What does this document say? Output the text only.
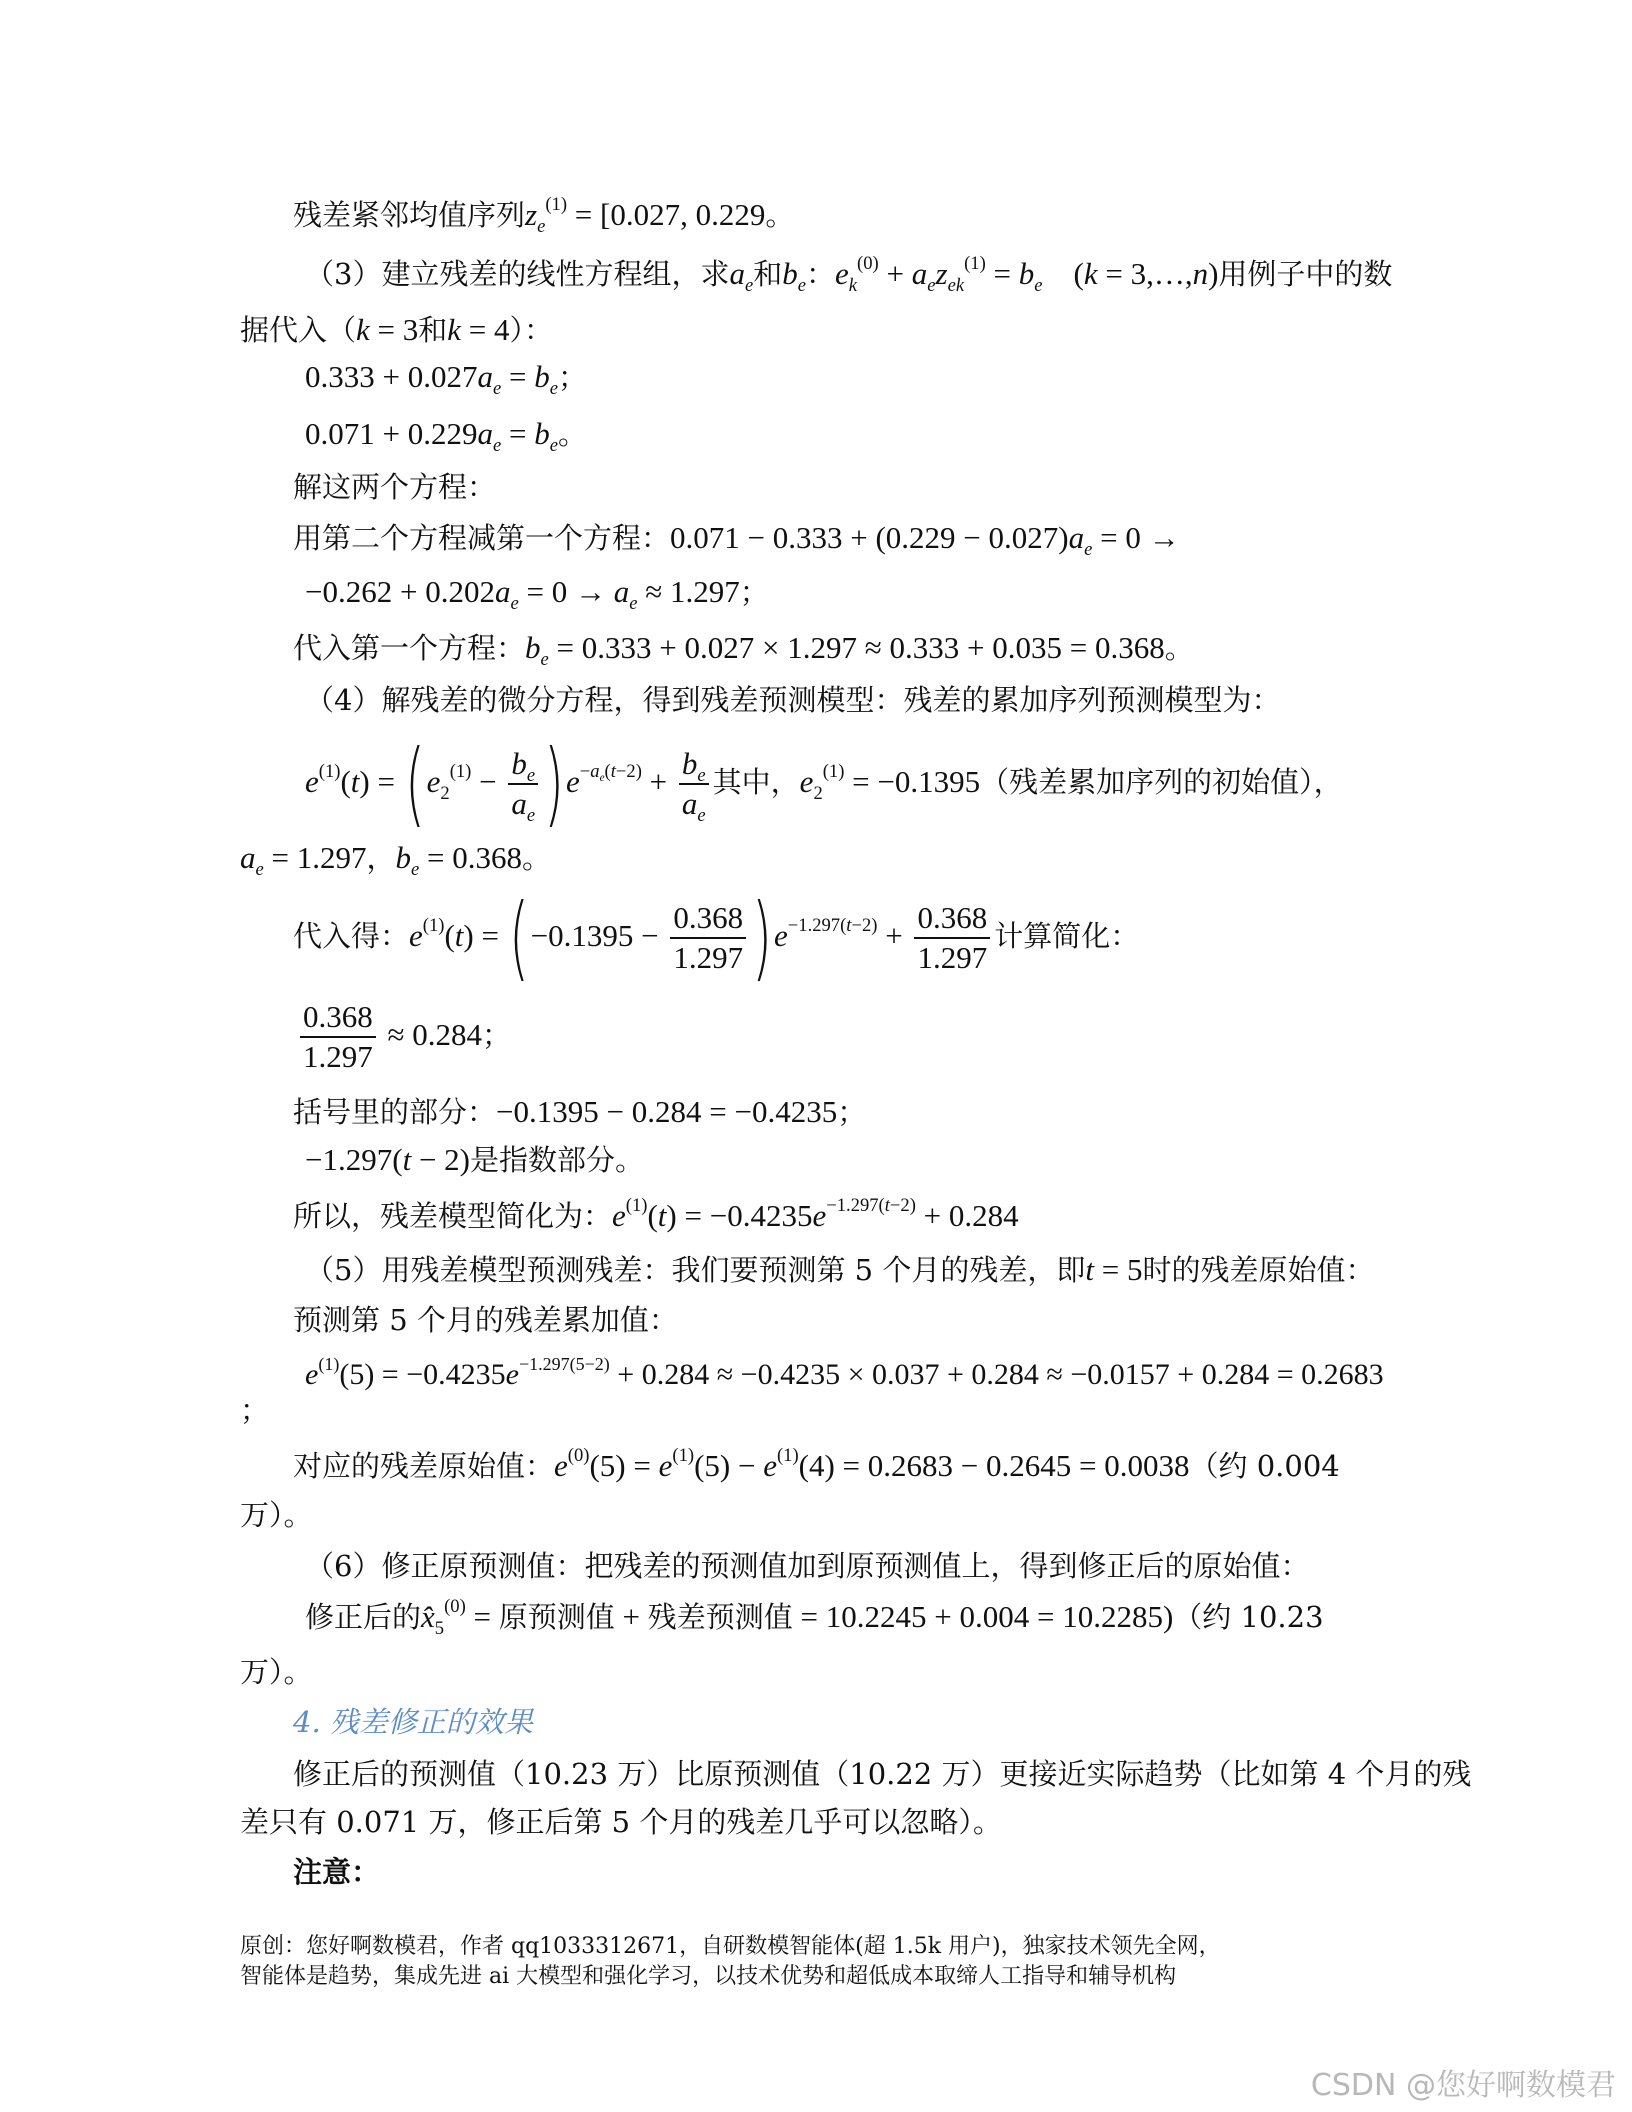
残差紧邻均值序列$z_e^{(1)} = [0.027$, 0.229。
（3）建立残差的线性方程组，求$a_e$和$b_e$：$e_k^{(0)} + a_ez_{ek}^{(1)} = b_e$    (k = 3,…,n)用例子中的数
据代入（k = 3和k = 4）：
$0.333 + 0.027a_e = b_e$；
$0.071 + 0.229a_e = b_e$。
解这两个方程：
用第二个方程减第一个方程：$0.071 - 0.333 + (0.229 - 0.027)a_e = 0$ →
$-0.262 + 0.202a_e = 0 \to a_e \approx 1.297$；
代入第一个方程：$b_e = 0.333 + 0.027 \times 1.297 \approx 0.333 + 0.035 = 0.368$。
（4）解残差的微分方程，得到残差预测模型：残差的累加序列预测模型为：
$e^{(1)}(t) = (e_2^{(1)} - \frac{b_e}{a_e} )e^{-a_e(t-2)} + \frac{b_e}{a_e}$ 其中，$e_2^{(1)} = -0.1395$（残差累加序列的初始值），
$a_e = 1.297$，$b_e = 0.368$。
代入得：$e^{(1)}(t) = (-0.1395 - \frac{0.368}{1.297} )e^{-1.297(t-2)} + \frac{0.368}{1.297}$ 计算简化：
$\frac{0.368}{1.297} \approx 0.284$；
括号里的部分：−0.1395 − 0.284 = −0.4235；
−1.297(t − 2)是指数部分。
所以，残差模型简化为：$e^{(1)}(t) = -0.4235e^{-1.297(t-2)} + 0.284$
（5）用残差模型预测残差：我们要预测第 5 个月的残差，即t = 5时的残差原始值：
预测第 5 个月的残差累加值：
$e^{(1)}(5) = -0.4235e^{-1.297(5-2)} + 0.284 \approx -0.4235 \times 0.037 + 0.284 \approx -0.0157 + 0.284 = 0.2683$
；
对应的残差原始值：$e^{(0)}(5) = e^{(1)}(5) - e^{(1)}(4) = 0.2683 - 0.2645 = 0.0038$（约 0.004
万）。
（6）修正原预测值：把残差的预测值加到原预测值上，得到修正后的原始值：
修正后的$x̂_5^{(0)}$ = 原预测值 + 残差预测值 = 10.2245 + 0.004 = 10.2285)（约 10.23
万）。
4. 残差修正的效果
修正后的预测值（10.23 万）比原预测值（10.22 万）更接近实际趋势（比如第 4 个月的残
差只有 0.071 万，修正后第 5 个月的残差几乎可以忽略）。
注意：
原创：您好啊数模君，作者 qq1033312671，自研数模智能体(超 1.5k 用户)，独家技术领先全网，
智能体是趋势，集成先进 ai 大模型和强化学习，以技术优势和超低成本取缔人工指导和辅导机构
CSDN @您好啊数模君
